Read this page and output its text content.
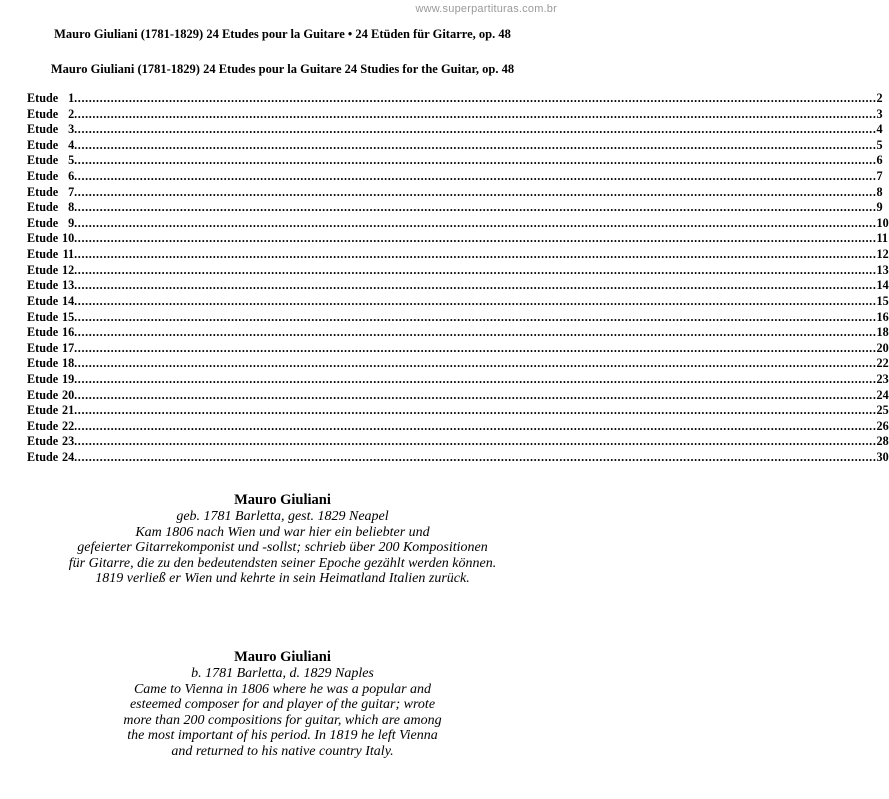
www.superpartituras.com.br
Mauro Giuliani (1781-1829) 24 Etudes pour la Guitare • 24 Etüden für Gitarre, op. 48
Mauro Giuliani (1781-1829) 24 Etudes pour la Guitare 24 Studies for the Guitar, op. 48
Etude 1 ............................................................................................................................................................................................................................ 2
Etude 2 ............................................................................................................................................................................................................................ 3
Etude 3 ............................................................................................................................................................................................................................ 4
Etude 4 ............................................................................................................................................................................................................................ 5
Etude 5 ............................................................................................................................................................................................................................ 6
Etude 6 ............................................................................................................................................................................................................................ 7
Etude 7 ............................................................................................................................................................................................................................ 8
Etude 8 ............................................................................................................................................................................................................................ 9
Etude 9 ............................................................................................................................................................................................................................ 10
Etude 10 ............................................................................................................................................................................................................................ 11
Etude 11 ............................................................................................................................................................................................................................ 12
Etude 12 ............................................................................................................................................................................................................................ 13
Etude 13 ............................................................................................................................................................................................................................ 14
Etude 14 ............................................................................................................................................................................................................................ 15
Etude 15 ............................................................................................................................................................................................................................ 16
Etude 16 ............................................................................................................................................................................................................................ 18
Etude 17 ............................................................................................................................................................................................................................ 20
Etude 18 ............................................................................................................................................................................................................................ 22
Etude 19 ............................................................................................................................................................................................................................ 23
Etude 20 ............................................................................................................................................................................................................................ 24
Etude 21 ............................................................................................................................................................................................................................ 25
Etude 22 ............................................................................................................................................................................................................................ 26
Etude 23 ............................................................................................................................................................................................................................ 28
Etude 24 ............................................................................................................................................................................................................................ 30
Mauro Giuliani
geb. 1781 Barletta, gest. 1829 Neapel
Kam 1806 nach Wien und war hier ein beliebter und
gefeierter Gitarrekomponist und -sollst; schrieb über 200 Kompositionen
für Gitarre, die zu den bedeutendsten seiner Epoche gezählt werden können.
1819 verließ er Wien und kehrte in sein Heimatland Italien zurück.
Mauro Giuliani
b. 1781 Barletta, d. 1829 Naples
Came to Vienna in 1806 where he was a popular and
esteemed composer for and player of the guitar; wrote
more than 200 compositions for guitar, which are among
the most important of his period. In 1819 he left Vienna
and returned to his native country Italy.
